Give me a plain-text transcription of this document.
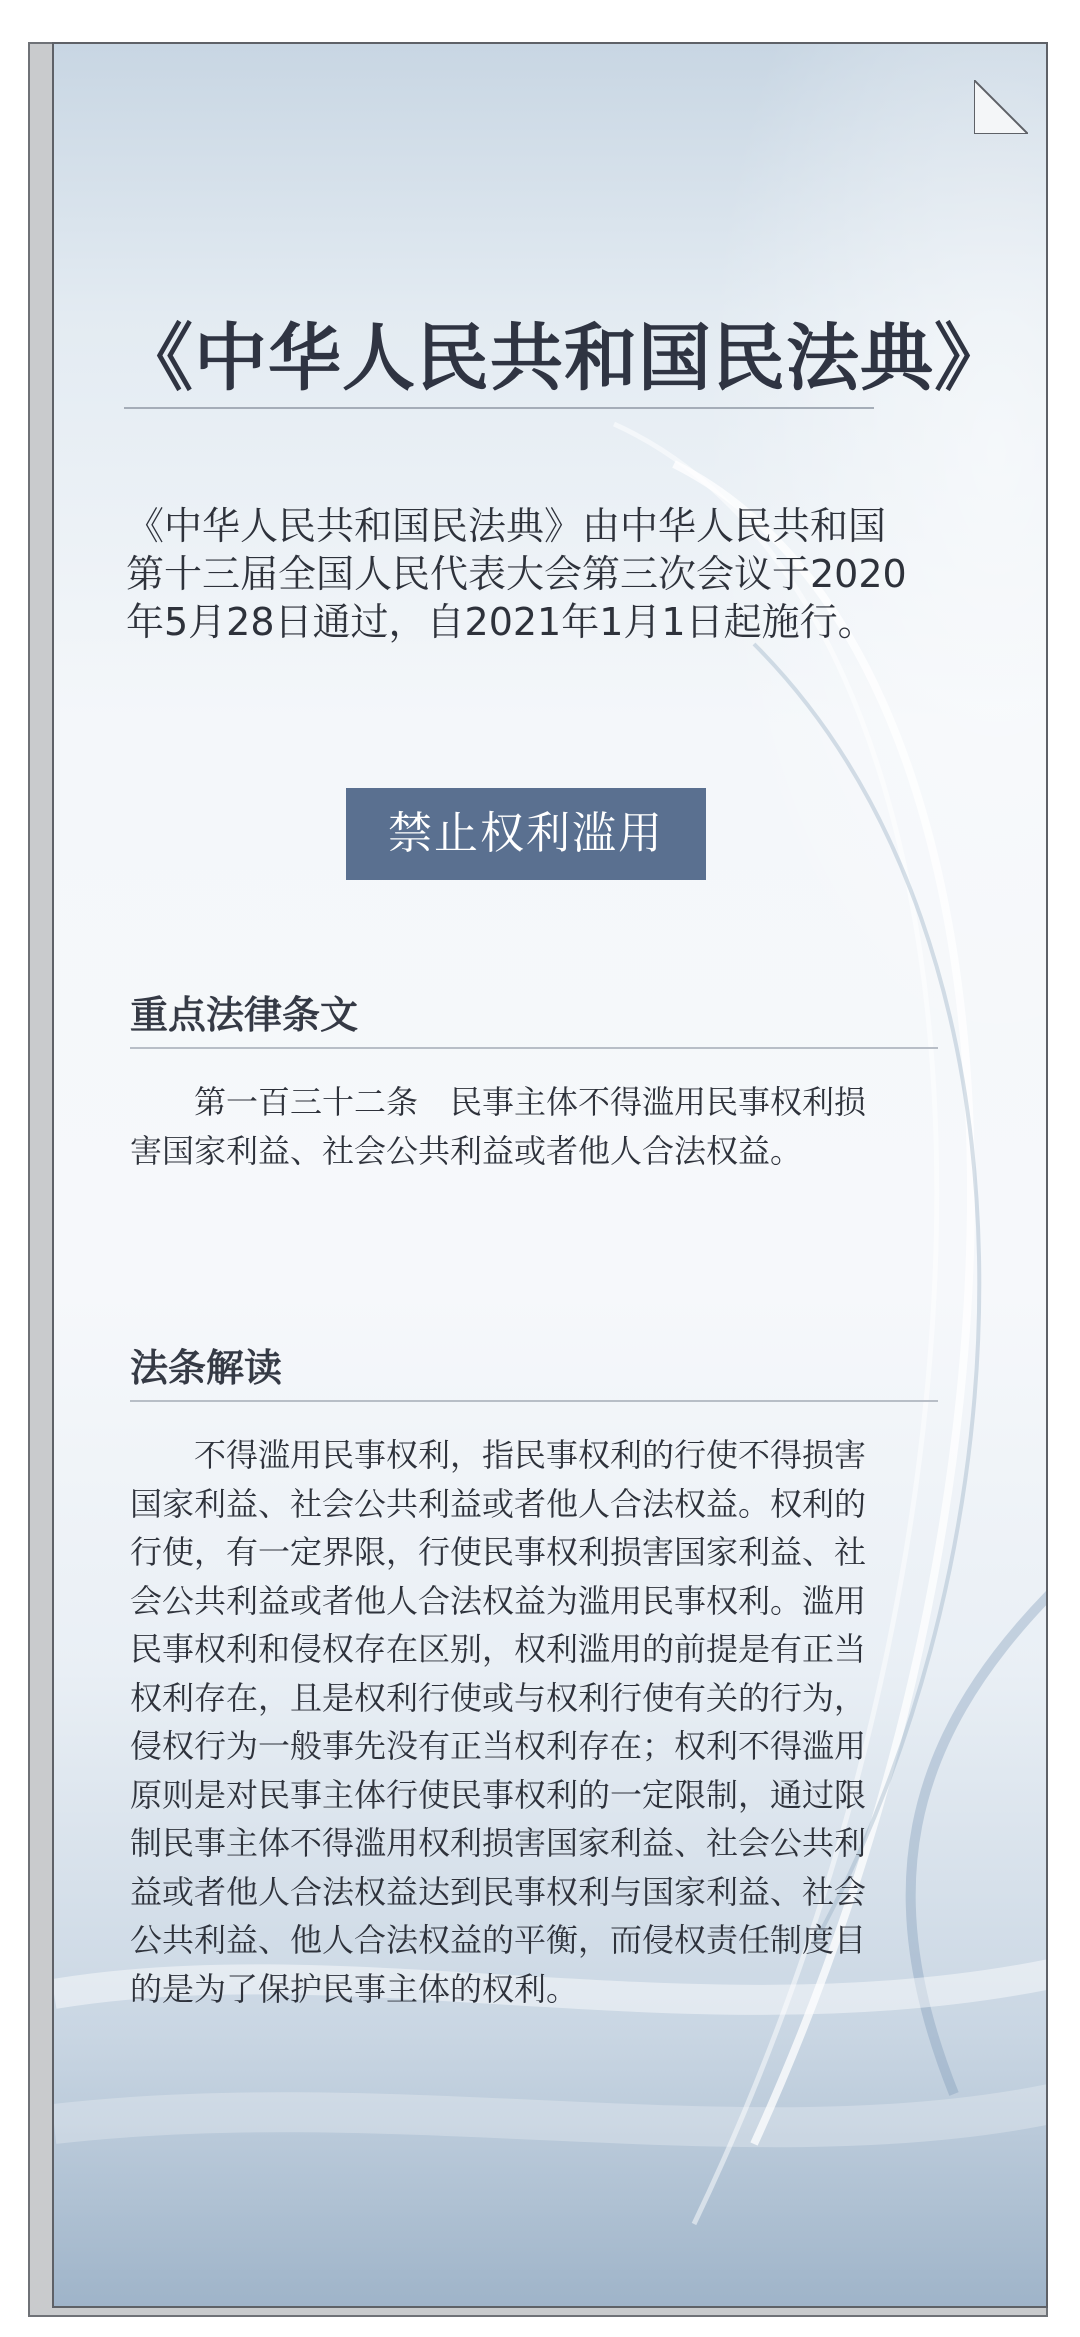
《中华人民共和国民法典》
《中华人民共和国民法典》由中华人民共和国
第十三届全国人民代表大会第三次会议于2020
年5月28日通过，自2021年1月1日起施行。
禁止权利滥用
重点法律条文
　　第一百三十二条　民事主体不得滥用民事权利损
害国家利益、社会公共利益或者他人合法权益。
法条解读
　　不得滥用民事权利，指民事权利的行使不得损害
国家利益、社会公共利益或者他人合法权益。权利的
行使，有一定界限，行使民事权利损害国家利益、社
会公共利益或者他人合法权益为滥用民事权利。滥用
民事权利和侵权存在区别，权利滥用的前提是有正当
权利存在，且是权利行使或与权利行使有关的行为，
侵权行为一般事先没有正当权利存在；权利不得滥用
原则是对民事主体行使民事权利的一定限制，通过限
制民事主体不得滥用权利损害国家利益、社会公共利
益或者他人合法权益达到民事权利与国家利益、社会
公共利益、他人合法权益的平衡，而侵权责任制度目
的是为了保护民事主体的权利。
